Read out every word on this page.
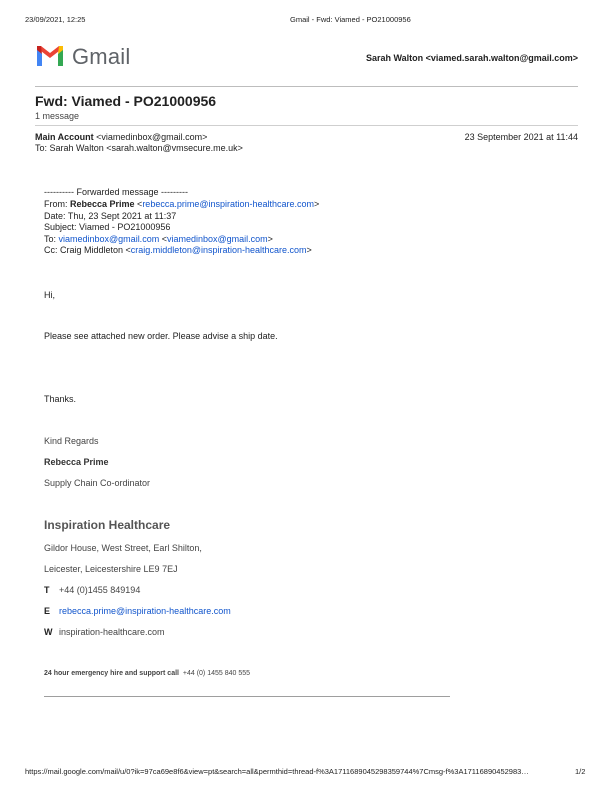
23/09/2021, 12:25	Gmail - Fwd: Viamed - PO21000956
Gmail	Sarah Walton <viamed.sarah.walton@gmail.com>
Fwd: Viamed - PO21000956
1 message
Main Account <viamedinbox@gmail.com>	23 September 2021 at 11:44
To: Sarah Walton <sarah.walton@vmsecure.me.uk>
---------- Forwarded message ---------
From: Rebecca Prime <rebecca.prime@inspiration-healthcare.com>
Date: Thu, 23 Sept 2021 at 11:37
Subject: Viamed - PO21000956
To: viamedinbox@gmail.com <viamedinbox@gmail.com>
Cc: Craig Middleton <craig.middleton@inspiration-healthcare.com>
Hi,
Please see attached new order. Please advise a ship date.
Thanks.
Kind Regards
Rebecca Prime
Supply Chain Co-ordinator
Inspiration Healthcare
Gildor House, West Street, Earl Shilton,
Leicester, Leicestershire LE9 7EJ
T +44 (0)1455 849194
E rebecca.prime@inspiration-healthcare.com
W inspiration-healthcare.com
24 hour emergency hire and support call +44 (0) 1455 840 555
https://mail.google.com/mail/u/0?ik=97ca69e8f6&view=pt&search=all&permthid=thread-f%3A1711689045298359744%7Cmsg-f%3A17116890452983…	1/2
